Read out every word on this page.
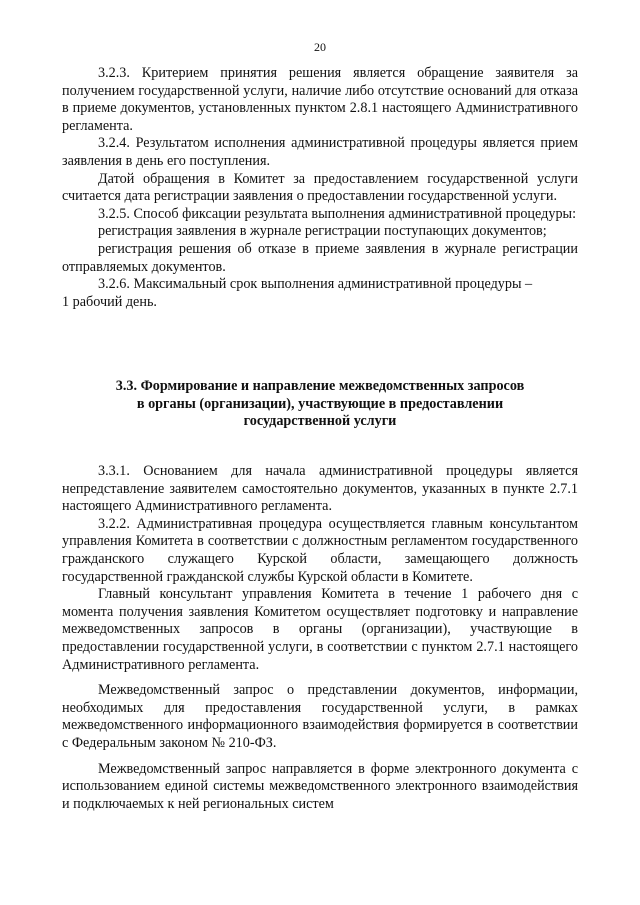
20

3.2.3. Критерием принятия решения является обращение заявителя за получением государственной услуги, наличие либо отсутствие оснований для отказа в приеме документов, установленных пунктом 2.8.1 настоящего Административного регламента.

3.2.4. Результатом исполнения административной процедуры является прием заявления в день его поступления.

Датой обращения в Комитет за предоставлением государственной услуги считается дата регистрации заявления о предоставлении государственной услуги.

3.2.5. Способ фиксации результата выполнения административной процедуры:

регистрация заявления в журнале регистрации поступающих документов;

регистрация решения об отказе в приеме заявления в журнале регистрации отправляемых документов.

3.2.6. Максимальный срок выполнения административной процедуры –

1 рабочий день.

3.3. Формирование и направление межведомственных запросов
в органы (организации), участвующие в предоставлении
государственной услуги

3.3.1. Основанием для начала административной процедуры является непредставление заявителем самостоятельно документов, указанных в пункте 2.7.1 настоящего Административного регламента.

3.2.2. Административная процедура осуществляется главным консультантом управления Комитета в соответствии с должностным регламентом государственного гражданского служащего Курской области, замещающего должность государственной гражданской службы Курской области в Комитете.

Главный консультант управления Комитета в течение 1 рабочего дня с момента получения заявления Комитетом осуществляет подготовку и направление межведомственных запросов в органы (организации), участвующие в предоставлении государственной услуги, в соответствии с пунктом 2.7.1 настоящего Административного регламента.

Межведомственный запрос о представлении документов, информации, необходимых для предоставления государственной услуги, в рамках межведомственного информационного взаимодействия формируется в соответствии с Федеральным законом № 210-ФЗ.

Межведомственный запрос направляется в форме электронного документа с использованием единой системы межведомственного электронного взаимодействия и подключаемых к ней региональных систем
